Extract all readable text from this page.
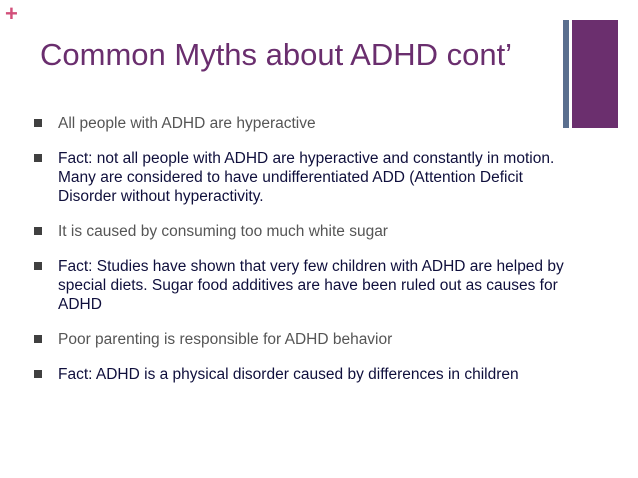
+
Common Myths about ADHD cont’
All people with ADHD are hyperactive
Fact: not all people with ADHD are hyperactive and constantly in motion. Many are considered to have undifferentiated ADD (Attention Deficit Disorder without hyperactivity.
It is caused by consuming too much white sugar
Fact: Studies have shown that very few children with ADHD are helped by special diets. Sugar food additives are have been ruled out as causes for ADHD
Poor parenting is responsible for ADHD behavior
Fact: ADHD is a physical disorder caused by differences in children
